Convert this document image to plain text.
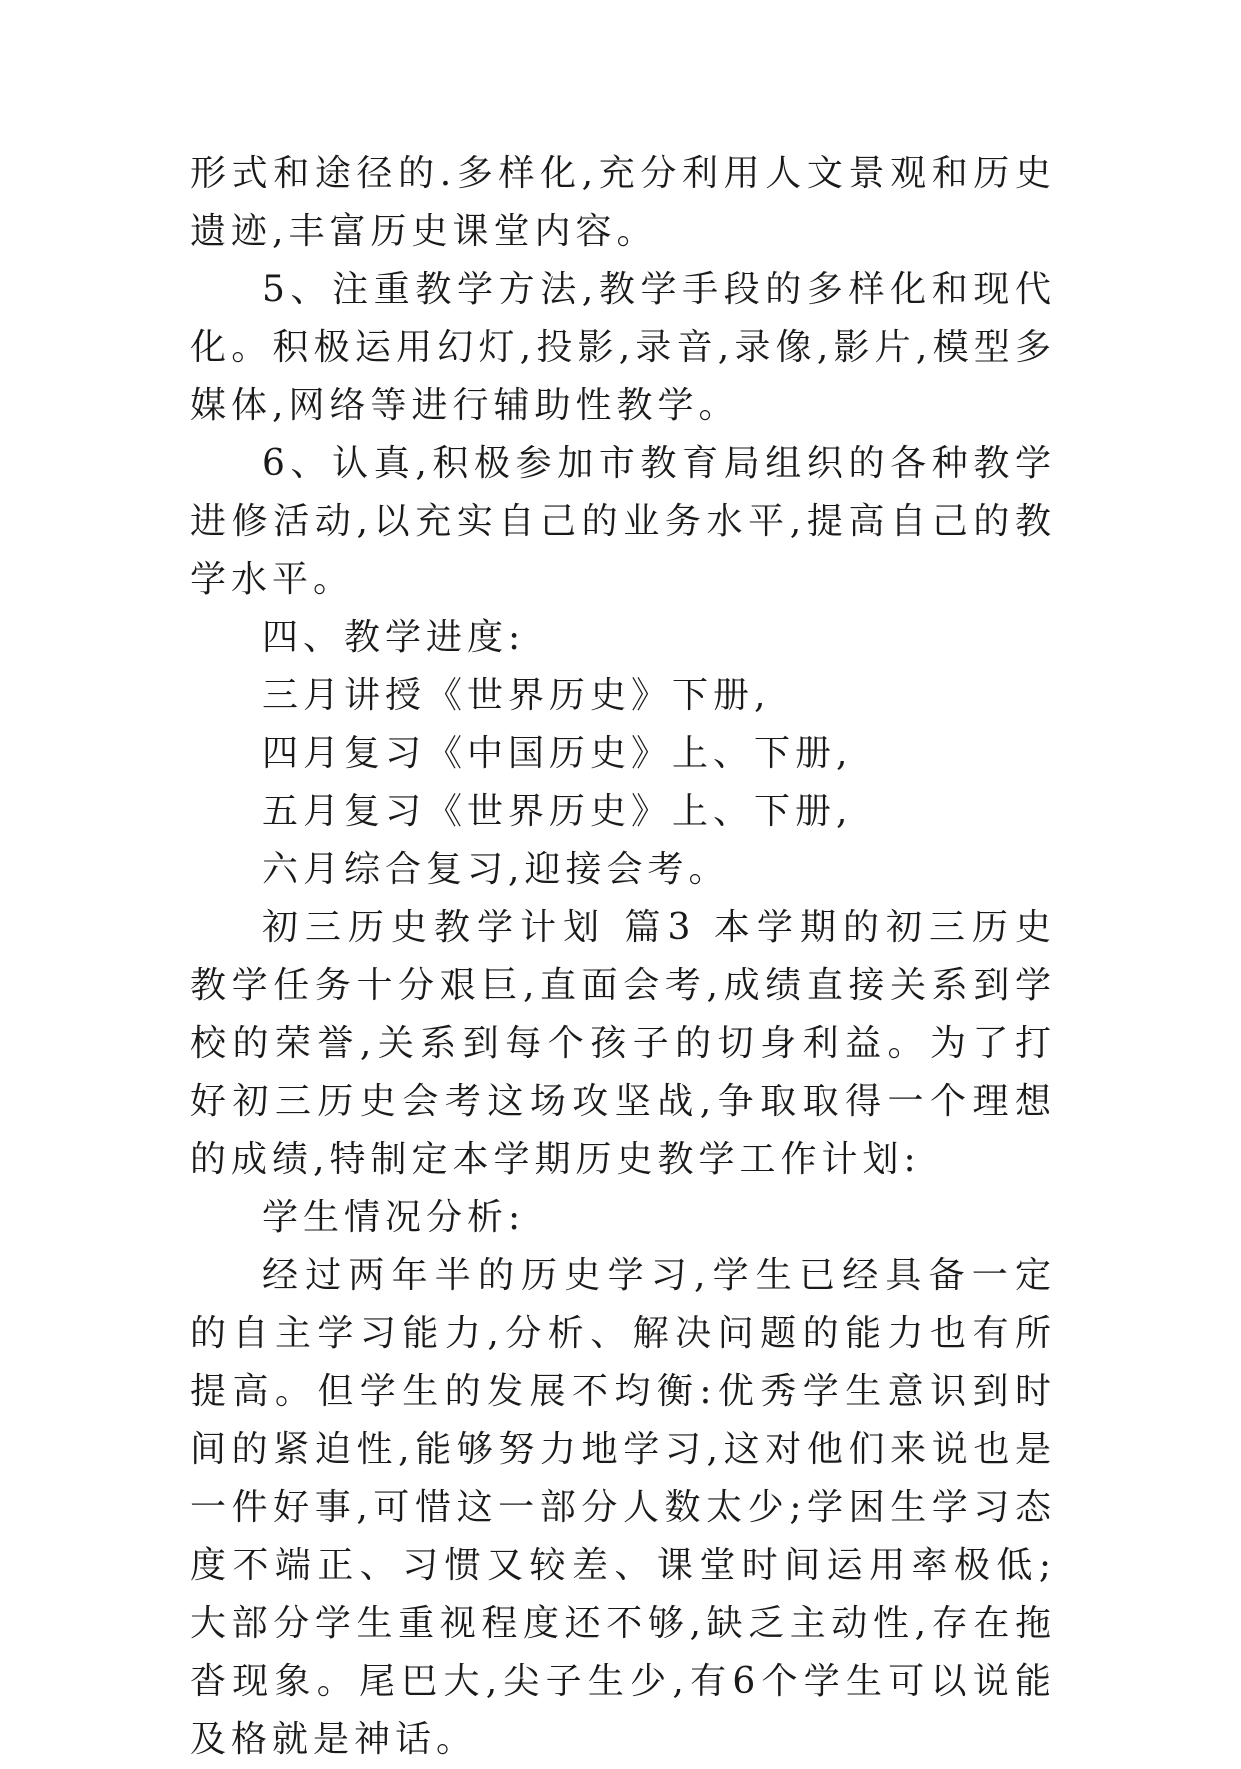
形式和途径的.多样化,充分利用人文景观和历史遗迹,丰富历史课堂内容。

5、注重教学方法,教学手段的多样化和现代化。积极运用幻灯,投影,录音,录像,影片,模型多媒体,网络等进行辅助性教学。

6、认真,积极参加市教育局组织的各种教学进修活动,以充实自己的业务水平,提高自己的教学水平。

四、教学进度:

三月讲授《世界历史》下册,

四月复习《中国历史》上、下册,

五月复习《世界历史》上、下册,

六月综合复习,迎接会考。

初三历史教学计划 篇3 本学期的初三历史教学任务十分艰巨,直面会考,成绩直接关系到学校的荣誉,关系到每个孩子的切身利益。为了打好初三历史会考这场攻坚战,争取取得一个理想的成绩,特制定本学期历史教学工作计划:

学生情况分析:

经过两年半的历史学习,学生已经具备一定的自主学习能力,分析、解决问题的能力也有所提高。但学生的发展不均衡:优秀学生意识到时间的紧迫性,能够努力地学习,这对他们来说也是一件好事,可惜这一部分人数太少;学困生学习态度不端正、习惯又较差、课堂时间运用率极低;大部分学生重视程度还不够,缺乏主动性,存在拖沓现象。尾巴大,尖子生少,有6个学生可以说能及格就是神话。
